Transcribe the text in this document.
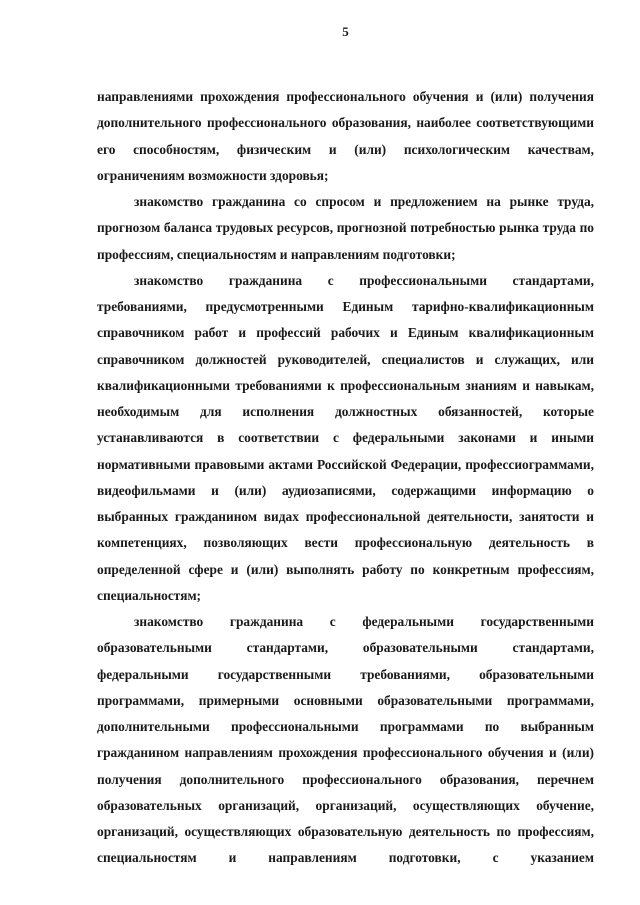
5

направлениями прохождения профессионального обучения и (или) получения дополнительного профессионального образования, наиболее соответствующими его способностям, физическим и (или) психологическим качествам, ограничениям возможности здоровья;

знакомство гражданина со спросом и предложением на рынке труда, прогнозом баланса трудовых ресурсов, прогнозной потребностью рынка труда по профессиям, специальностям и направлениям подготовки;

знакомство гражданина с профессиональными стандартами, требованиями, предусмотренными Единым тарифно-квалификационным справочником работ и профессий рабочих и Единым квалификационным справочником должностей руководителей, специалистов и служащих, или квалификационными требованиями к профессиональным знаниям и навыкам, необходимым для исполнения должностных обязанностей, которые устанавливаются в соответствии с федеральными законами и иными нормативными правовыми актами Российской Федерации, профессиограммами, видеофильмами и (или) аудиозаписями, содержащими информацию о выбранных гражданином видах профессиональной деятельности, занятости и компетенциях, позволяющих вести профессиональную деятельность в определенной сфере и (или) выполнять работу по конкретным профессиям, специальностям;

знакомство гражданина с федеральными государственными образовательными стандартами, образовательными стандартами, федеральными государственными требованиями, образовательными программами, примерными основными образовательными программами, дополнительными профессиональными программами по выбранным гражданином направлениям прохождения профессионального обучения и (или) получения дополнительного профессионального образования, перечнем образовательных организаций, организаций, осуществляющих обучение, организаций, осуществляющих образовательную деятельность по профессиям, специальностям и направлениям подготовки, с указанием
